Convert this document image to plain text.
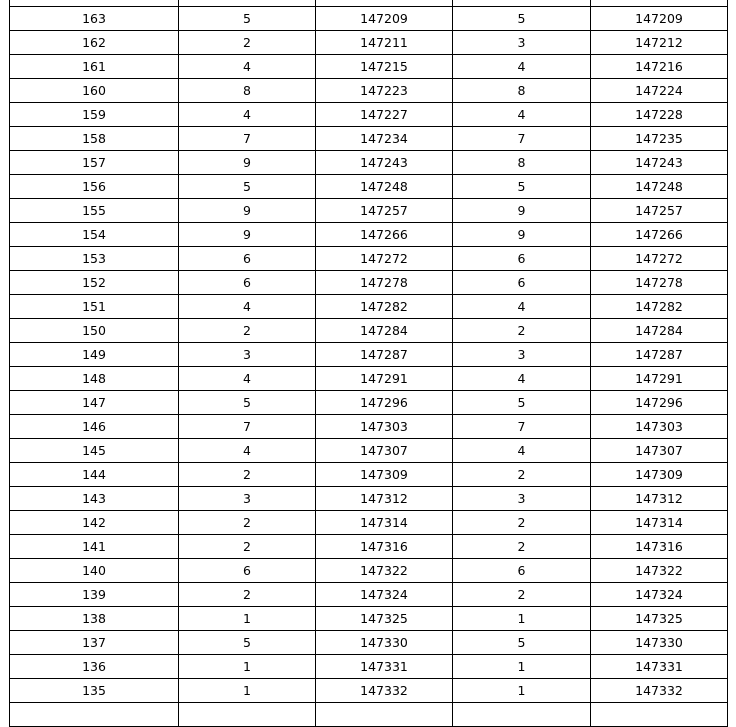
163	5	147209	5	147209
162	2	147211	3	147212
161	4	147215	4	147216
160	8	147223	8	147224
159	4	147227	4	147228
158	7	147234	7	147235
157	9	147243	8	147243
156	5	147248	5	147248
155	9	147257	9	147257
154	9	147266	9	147266
153	6	147272	6	147272
152	6	147278	6	147278
151	4	147282	4	147282
150	2	147284	2	147284
149	3	147287	3	147287
148	4	147291	4	147291
147	5	147296	5	147296
146	7	147303	7	147303
145	4	147307	4	147307
144	2	147309	2	147309
143	3	147312	3	147312
142	2	147314	2	147314
141	2	147316	2	147316
140	6	147322	6	147322
139	2	147324	2	147324
138	1	147325	1	147325
137	5	147330	5	147330
136	1	147331	1	147331
135	1	147332	1	147332
